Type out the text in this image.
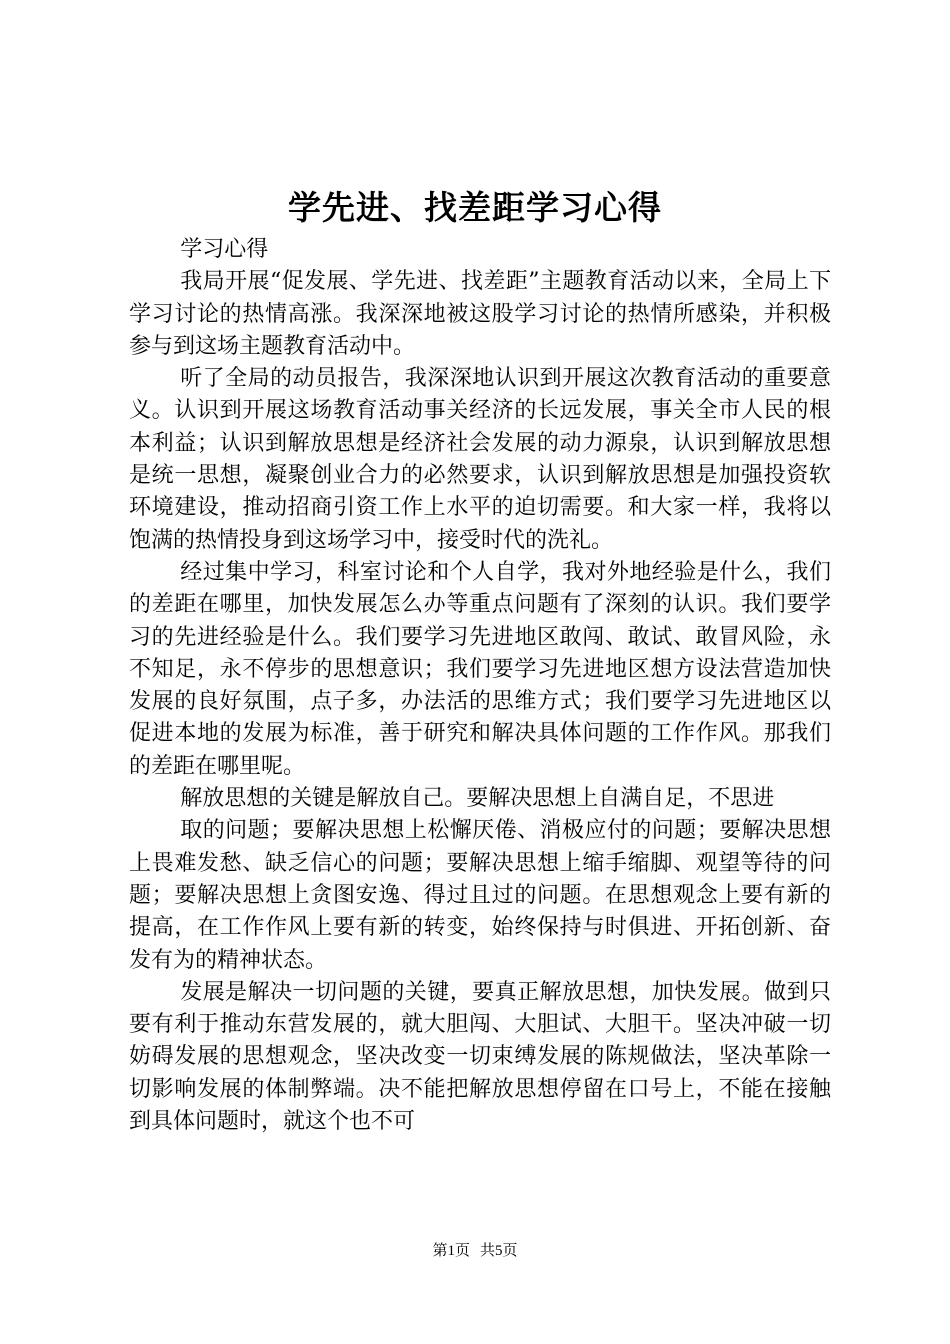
学先进、找差距学习心得

学习心得

我局开展“促发展、学先进、找差距”主题教育活动以来，全局上下学习讨论的热情高涨。我深深地被这股学习讨论的热情所感染，并积极参与到这场主题教育活动中。

听了全局的动员报告，我深深地认识到开展这次教育活动的重要意义。认识到开展这场教育活动事关经济的长远发展，事关全市人民的根本利益；认识到解放思想是经济社会发展的动力源泉，认识到解放思想是统一思想，凝聚创业合力的必然要求，认识到解放思想是加强投资软环境建设，推动招商引资工作上水平的迫切需要。和大家一样，我将以饱满的热情投身到这场学习中，接受时代的洗礼。

经过集中学习，科室讨论和个人自学，我对外地经验是什么，我们的差距在哪里，加快发展怎么办等重点问题有了深刻的认识。我们要学习的先进经验是什么。我们要学习先进地区敢闯、敢试、敢冒风险，永不知足，永不停步的思想意识；我们要学习先进地区想方设法营造加快发展的良好氛围，点子多，办法活的思维方式；我们要学习先进地区以促进本地的发展为标准，善于研究和解决具体问题的工作作风。那我们的差距在哪里呢。

解放思想的关键是解放自己。要解决思想上自满自足，不思进

取的问题；要解决思想上松懈厌倦、消极应付的问题；要解决思想上畏难发愁、缺乏信心的问题；要解决思想上缩手缩脚、观望等待的问题；要解决思想上贪图安逸、得过且过的问题。在思想观念上要有新的提高，在工作作风上要有新的转变，始终保持与时俱进、开拓创新、奋发有为的精神状态。

发展是解决一切问题的关键，要真正解放思想，加快发展。做到只要有利于推动东营发展的，就大胆闯、大胆试、大胆干。坚决冲破一切妨碍发展的思想观念，坚决改变一切束缚发展的陈规做法，坚决革除一切影响发展的体制弊端。决不能把解放思想停留在口号上，不能在接触到具体问题时，就这个也不可

第1页 共5页
